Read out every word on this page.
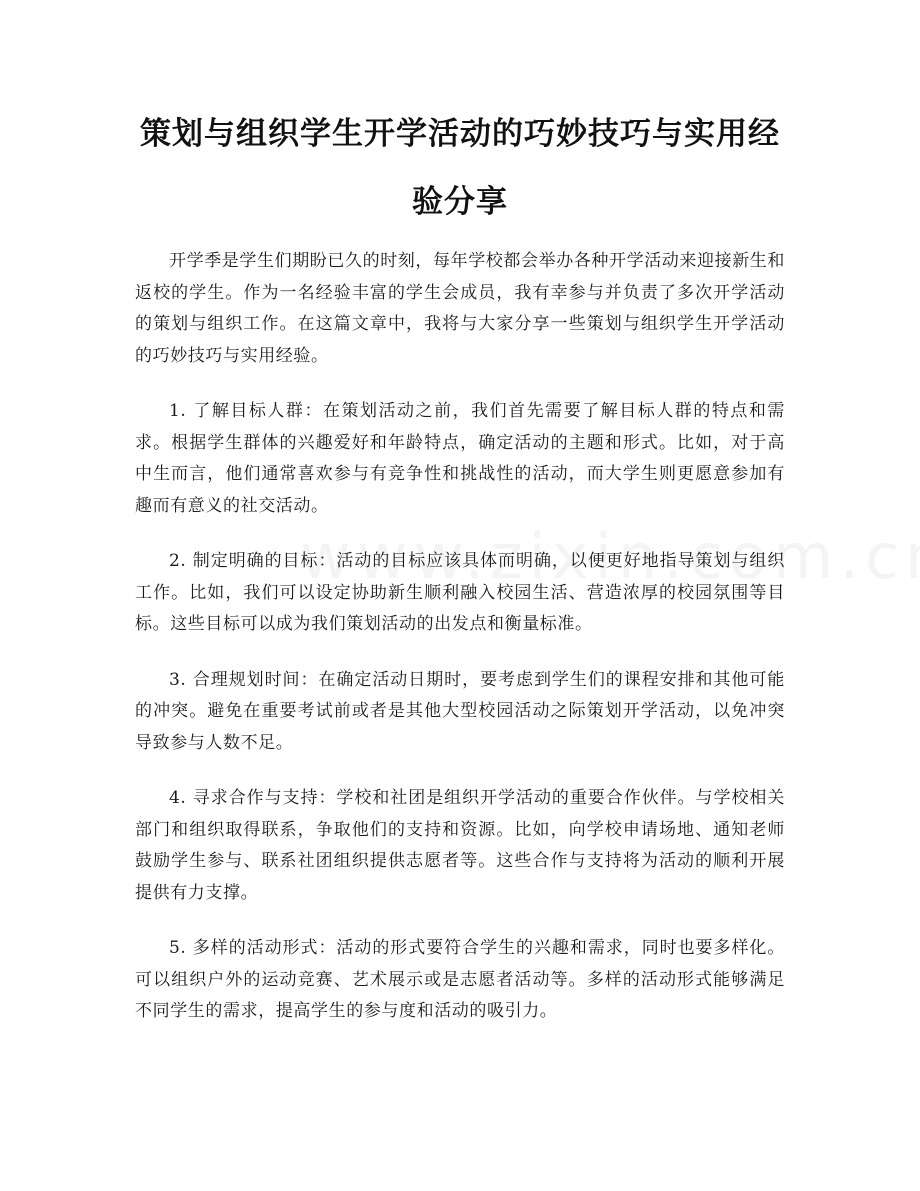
策划与组织学生开学活动的巧妙技巧与实用经验分享

开学季是学生们期盼已久的时刻，每年学校都会举办各种开学活动来迎接新生和返校的学生。作为一名经验丰富的学生会成员，我有幸参与并负责了多次开学活动的策划与组织工作。在这篇文章中，我将与大家分享一些策划与组织学生开学活动的巧妙技巧与实用经验。

1. 了解目标人群：在策划活动之前，我们首先需要了解目标人群的特点和需求。根据学生群体的兴趣爱好和年龄特点，确定活动的主题和形式。比如，对于高中生而言，他们通常喜欢参与有竞争性和挑战性的活动，而大学生则更愿意参加有趣而有意义的社交活动。

2. 制定明确的目标：活动的目标应该具体而明确，以便更好地指导策划与组织工作。比如，我们可以设定协助新生顺利融入校园生活、营造浓厚的校园氛围等目标。这些目标可以成为我们策划活动的出发点和衡量标准。

3. 合理规划时间：在确定活动日期时，要考虑到学生们的课程安排和其他可能的冲突。避免在重要考试前或者是其他大型校园活动之际策划开学活动，以免冲突导致参与人数不足。

4. 寻求合作与支持：学校和社团是组织开学活动的重要合作伙伴。与学校相关部门和组织取得联系，争取他们的支持和资源。比如，向学校申请场地、通知老师鼓励学生参与、联系社团组织提供志愿者等。这些合作与支持将为活动的顺利开展提供有力支撑。

5. 多样的活动形式：活动的形式要符合学生的兴趣和需求，同时也要多样化。可以组织户外的运动竞赛、艺术展示或是志愿者活动等。多样的活动形式能够满足不同学生的需求，提高学生的参与度和活动的吸引力。
